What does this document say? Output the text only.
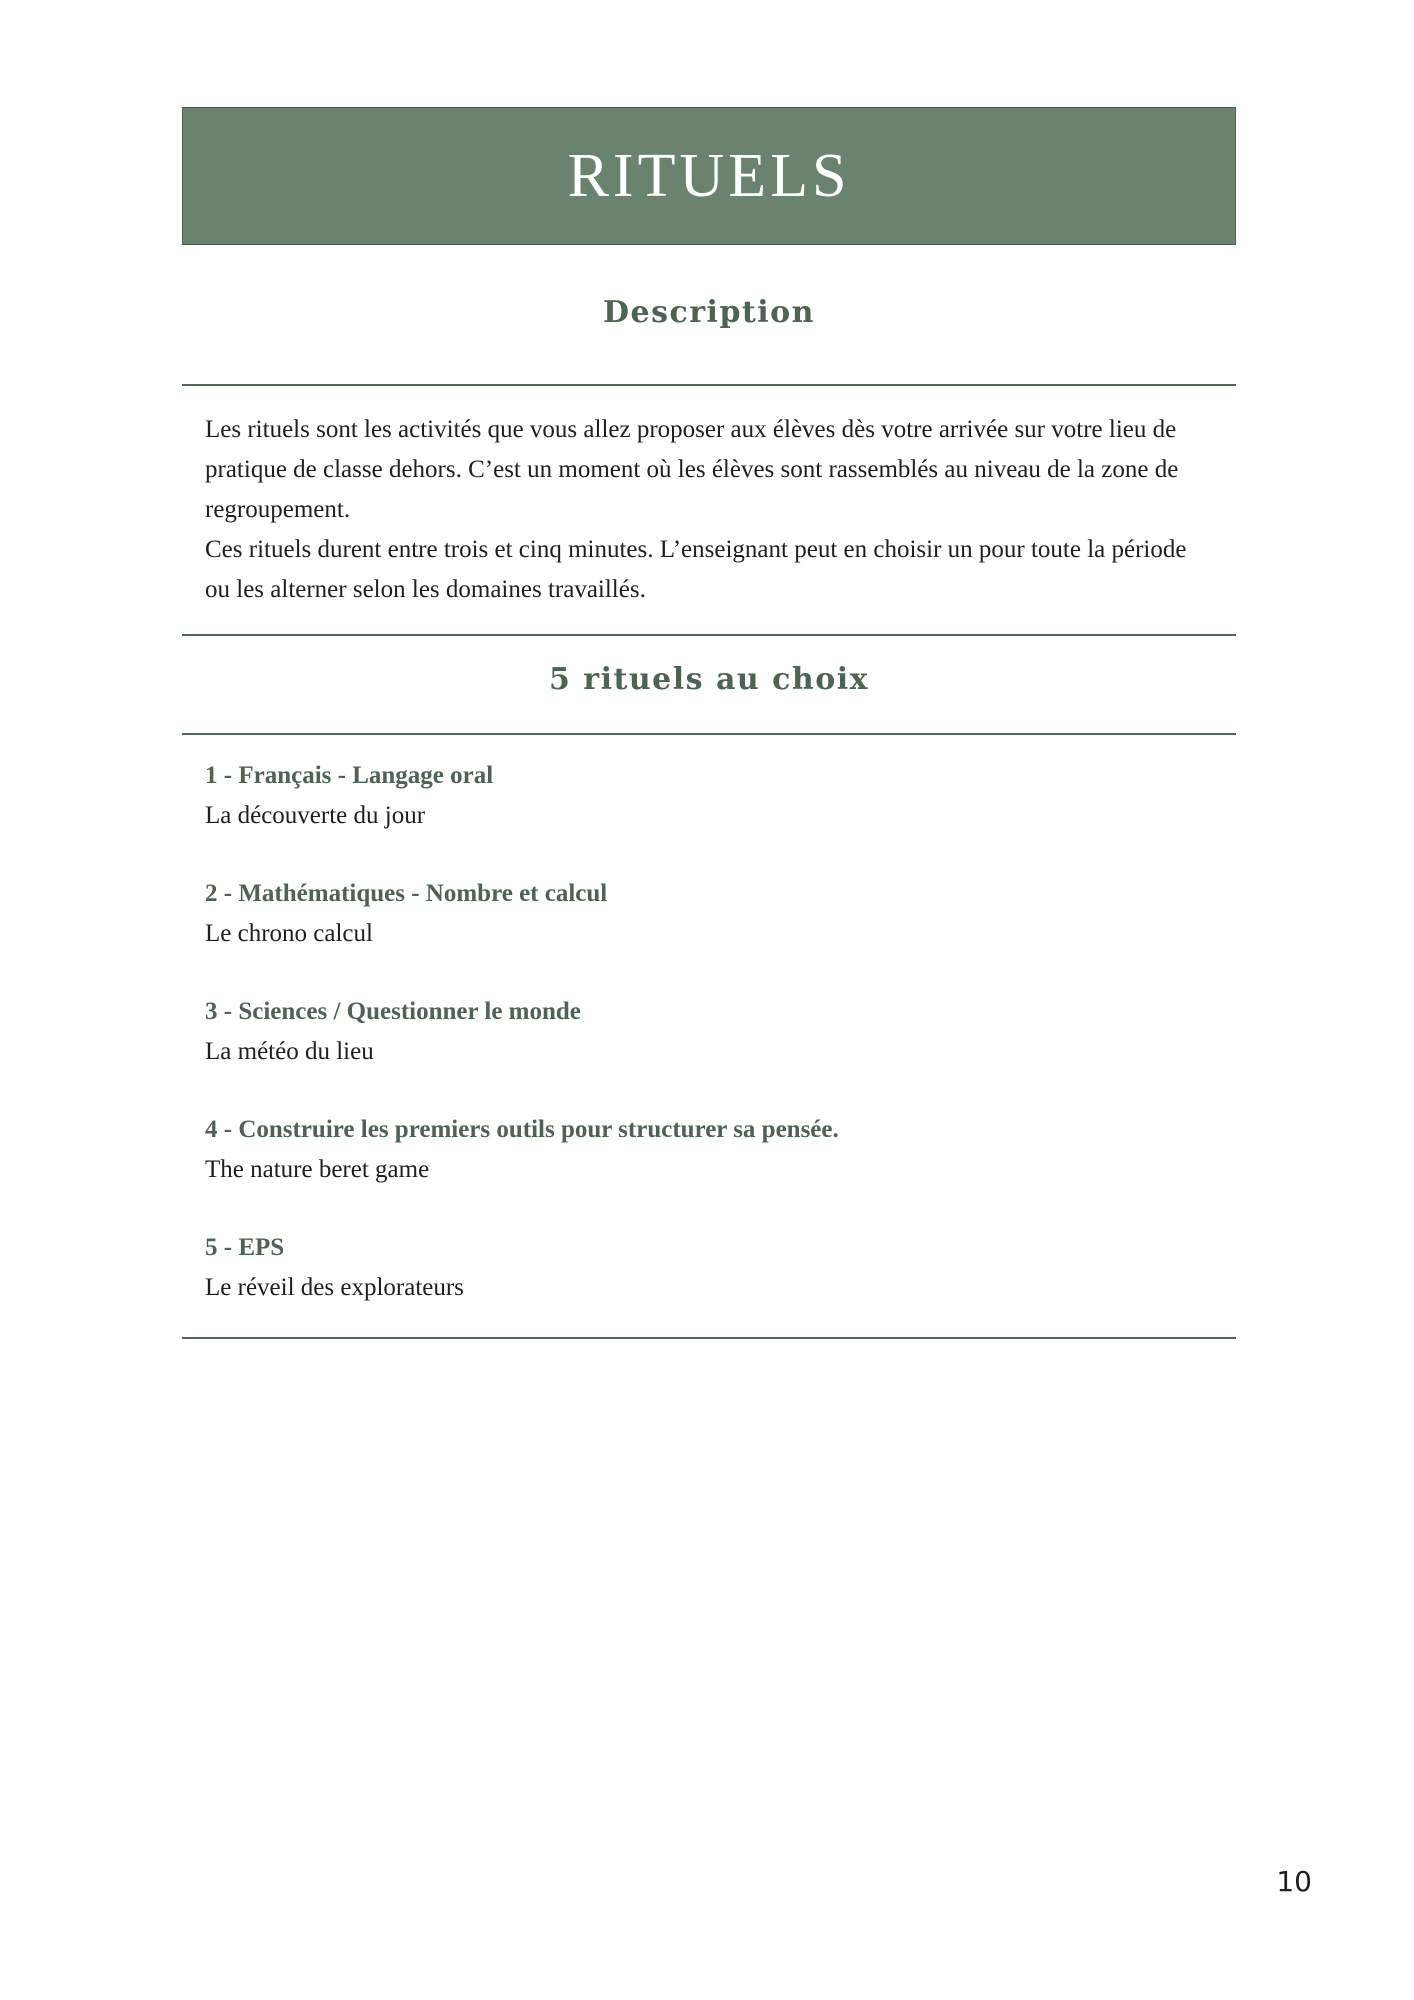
RITUELS
Description

Les rituels sont les activités que vous allez proposer aux élèves dès votre arrivée sur votre lieu de pratique de classe dehors. C’est un moment où les élèves sont rassemblés au niveau de la zone de regroupement.

Ces rituels durent entre trois et cinq minutes. L’enseignant peut en choisir un pour toute la période ou les alterner selon les domaines travaillés.

5 rituels au choix
1 - Français - Langage oral
La découverte du jour
2 - Mathématiques - Nombre et calcul
Le chrono calcul
3 - Sciences / Questionner le monde
La météo du lieu
4 - Construire les premiers outils pour structurer sa pensée.
The nature beret game
5 - EPS
Le réveil des explorateurs
10
